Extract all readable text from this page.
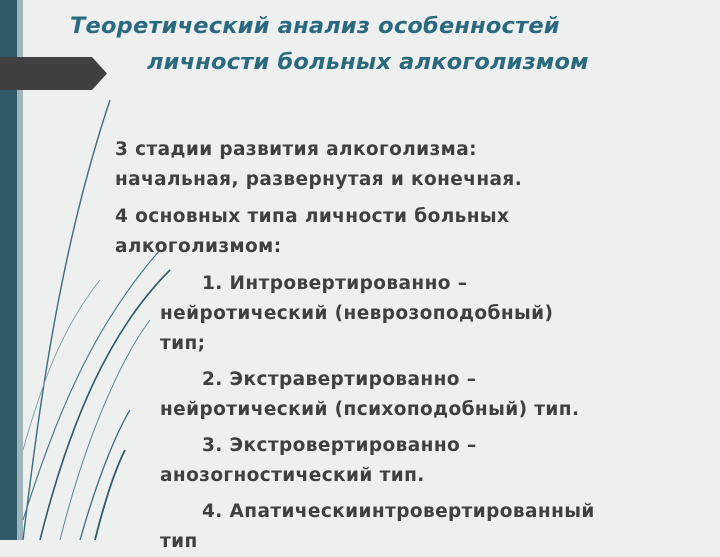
Теоретический анализ особенностей
личности больных алкоголизмом
3 стадии развития алкоголизма:
начальная, развернутая и конечная.
4 основных типа личности больных
алкоголизмом:
1. Интровертированно –
нейротический (неврозоподобный)
тип;
2. Экстравертированно –
нейротический (психоподобный) тип.
3. Экстровертированно –
анозогностический тип.
4. Апатическиинтровертированный
тип
